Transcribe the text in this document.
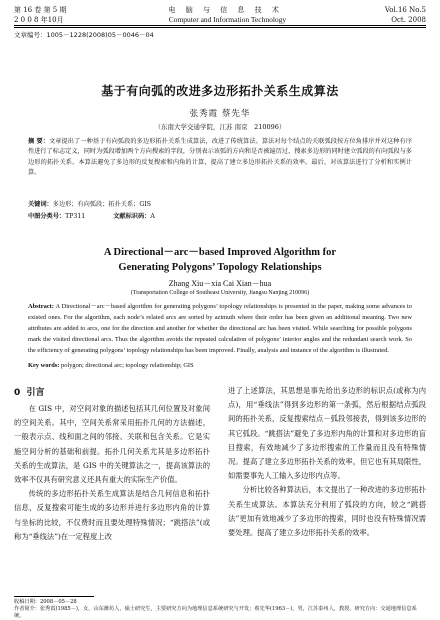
第 16 卷 第 5 期	电 脑 与 信 息 技 术	Vol.16 No.5
2 0 0 8 年10月	Computer and Information Technology	Oct. 2008
文章编号：1005－1228(2008)05－0046－04
基于有向弧的改进多边形拓扑关系生成算法
张秀霞 蔡先华
（东南大学交通学院，江苏 南京　210096）
摘 要：文章提出了一种基于有向弧段的多边形拓扑关系生成算法，改进了传统算法。算法对每个结点的关联弧段按方位角排序并对这种有序性进行了标志定义，同时为弧段增加两个方向搜索的字段，分别表示该弧的方向和是否被遍历过，搜索多边形的同时建立弧段的有向弧段与多边形的拓扑关系。本算法避免了多边形的反复搜索和内角的计算，提高了建立多边形拓扑关系的效率。最后，对该算法进行了分析和实例计算。
关键词：多边形；有向弧段；拓扑关系；GIS
中图分类号：TP311	文献标识码：A
A Directional－arc－based Improved Algorithm for
Generating Polygons’ Topology Relationships
Zhang Xiu－xia Cai Xian－hua
(Transportation College of Southeast University, Jiangsu Nanjing 210096)
Abstract: A Directional－arc－based algorithm for generating polygons’ topology relationships is presented in the paper, making some advances to existed ones. For the algorithm, each node’s related arcs are sorted by azimuth where their order has been given an additional meaning. Two new attributes are added to arcs, one for the direction and another for whether the directional arc has been visited. While searching for possible polygons mark the visited directional arcs. Thus the algorithm avoids the repeated calculation of polygons’ interior angles and the redundant search work. So the efficiency of generating polygons’ topology relationships has been improved. Finally, analysis and instance of the algorithm is illustrated.
Key words: polygon; directional arc; topology relationship; GIS
0 引言

在 GIS 中，对空间对象的描述包括其几何位置及对象间的空间关系。其中，空间关系常采用拓扑几何的方法描述，一般表示点、线和面之间的邻接、关联和包含关系。它是实施空间分析的基础和前提。拓扑几何关系尤其是多边形拓扑关系的生成算法，是 GIS 中的关键算法之一，提高该算法的效率不仅具有研究意义还具有重大的实际生产价值。

传统的多边形拓扑关系生成算法是结合几何信息和拓扑信息，反复搜索可能生成的多边形并进行多边形内角的计算与坐标的比较，不仅费时而且要处理特殊情况；“跳搭法”(或称为“垂线法”)在一定程度上改

进了上述算法，其思想是事先给出多边形的标识点(或称为内点)，用“垂线法”得到多边形的第一条弧，然后根据结点弧段间的拓扑关系，反复搜索结点－弧段邻接表，得到该多边形的其它弧段。“跳搭法”避免了多边形内角的计算和对多边形的盲目搜索，有效地减少了多边形搜索的工作量而且没有特殊情况。提高了建立多边形拓扑关系的效率，但它也有其局限性，如需要事先人工输入多边形内点等。

分析比较各种算法后，本文提出了一种改进的多边形拓扑关系生成算法。本算法充分利用了弧段的方向，较之“跳搭法”更加有效地减少了多边形的搜索，同时也没有特殊情况需要处理。提高了建立多边形拓扑关系的效率。

收稿日期：2008－05－28
作者简介：张秀霞(1985－)，女，山东潍坊人，硕士研究生，主要研究方向为地理信息系统研究与开发；蔡先华(1963－)，男，江苏泰州人，教授，研究方向：交通地理信息系统。
